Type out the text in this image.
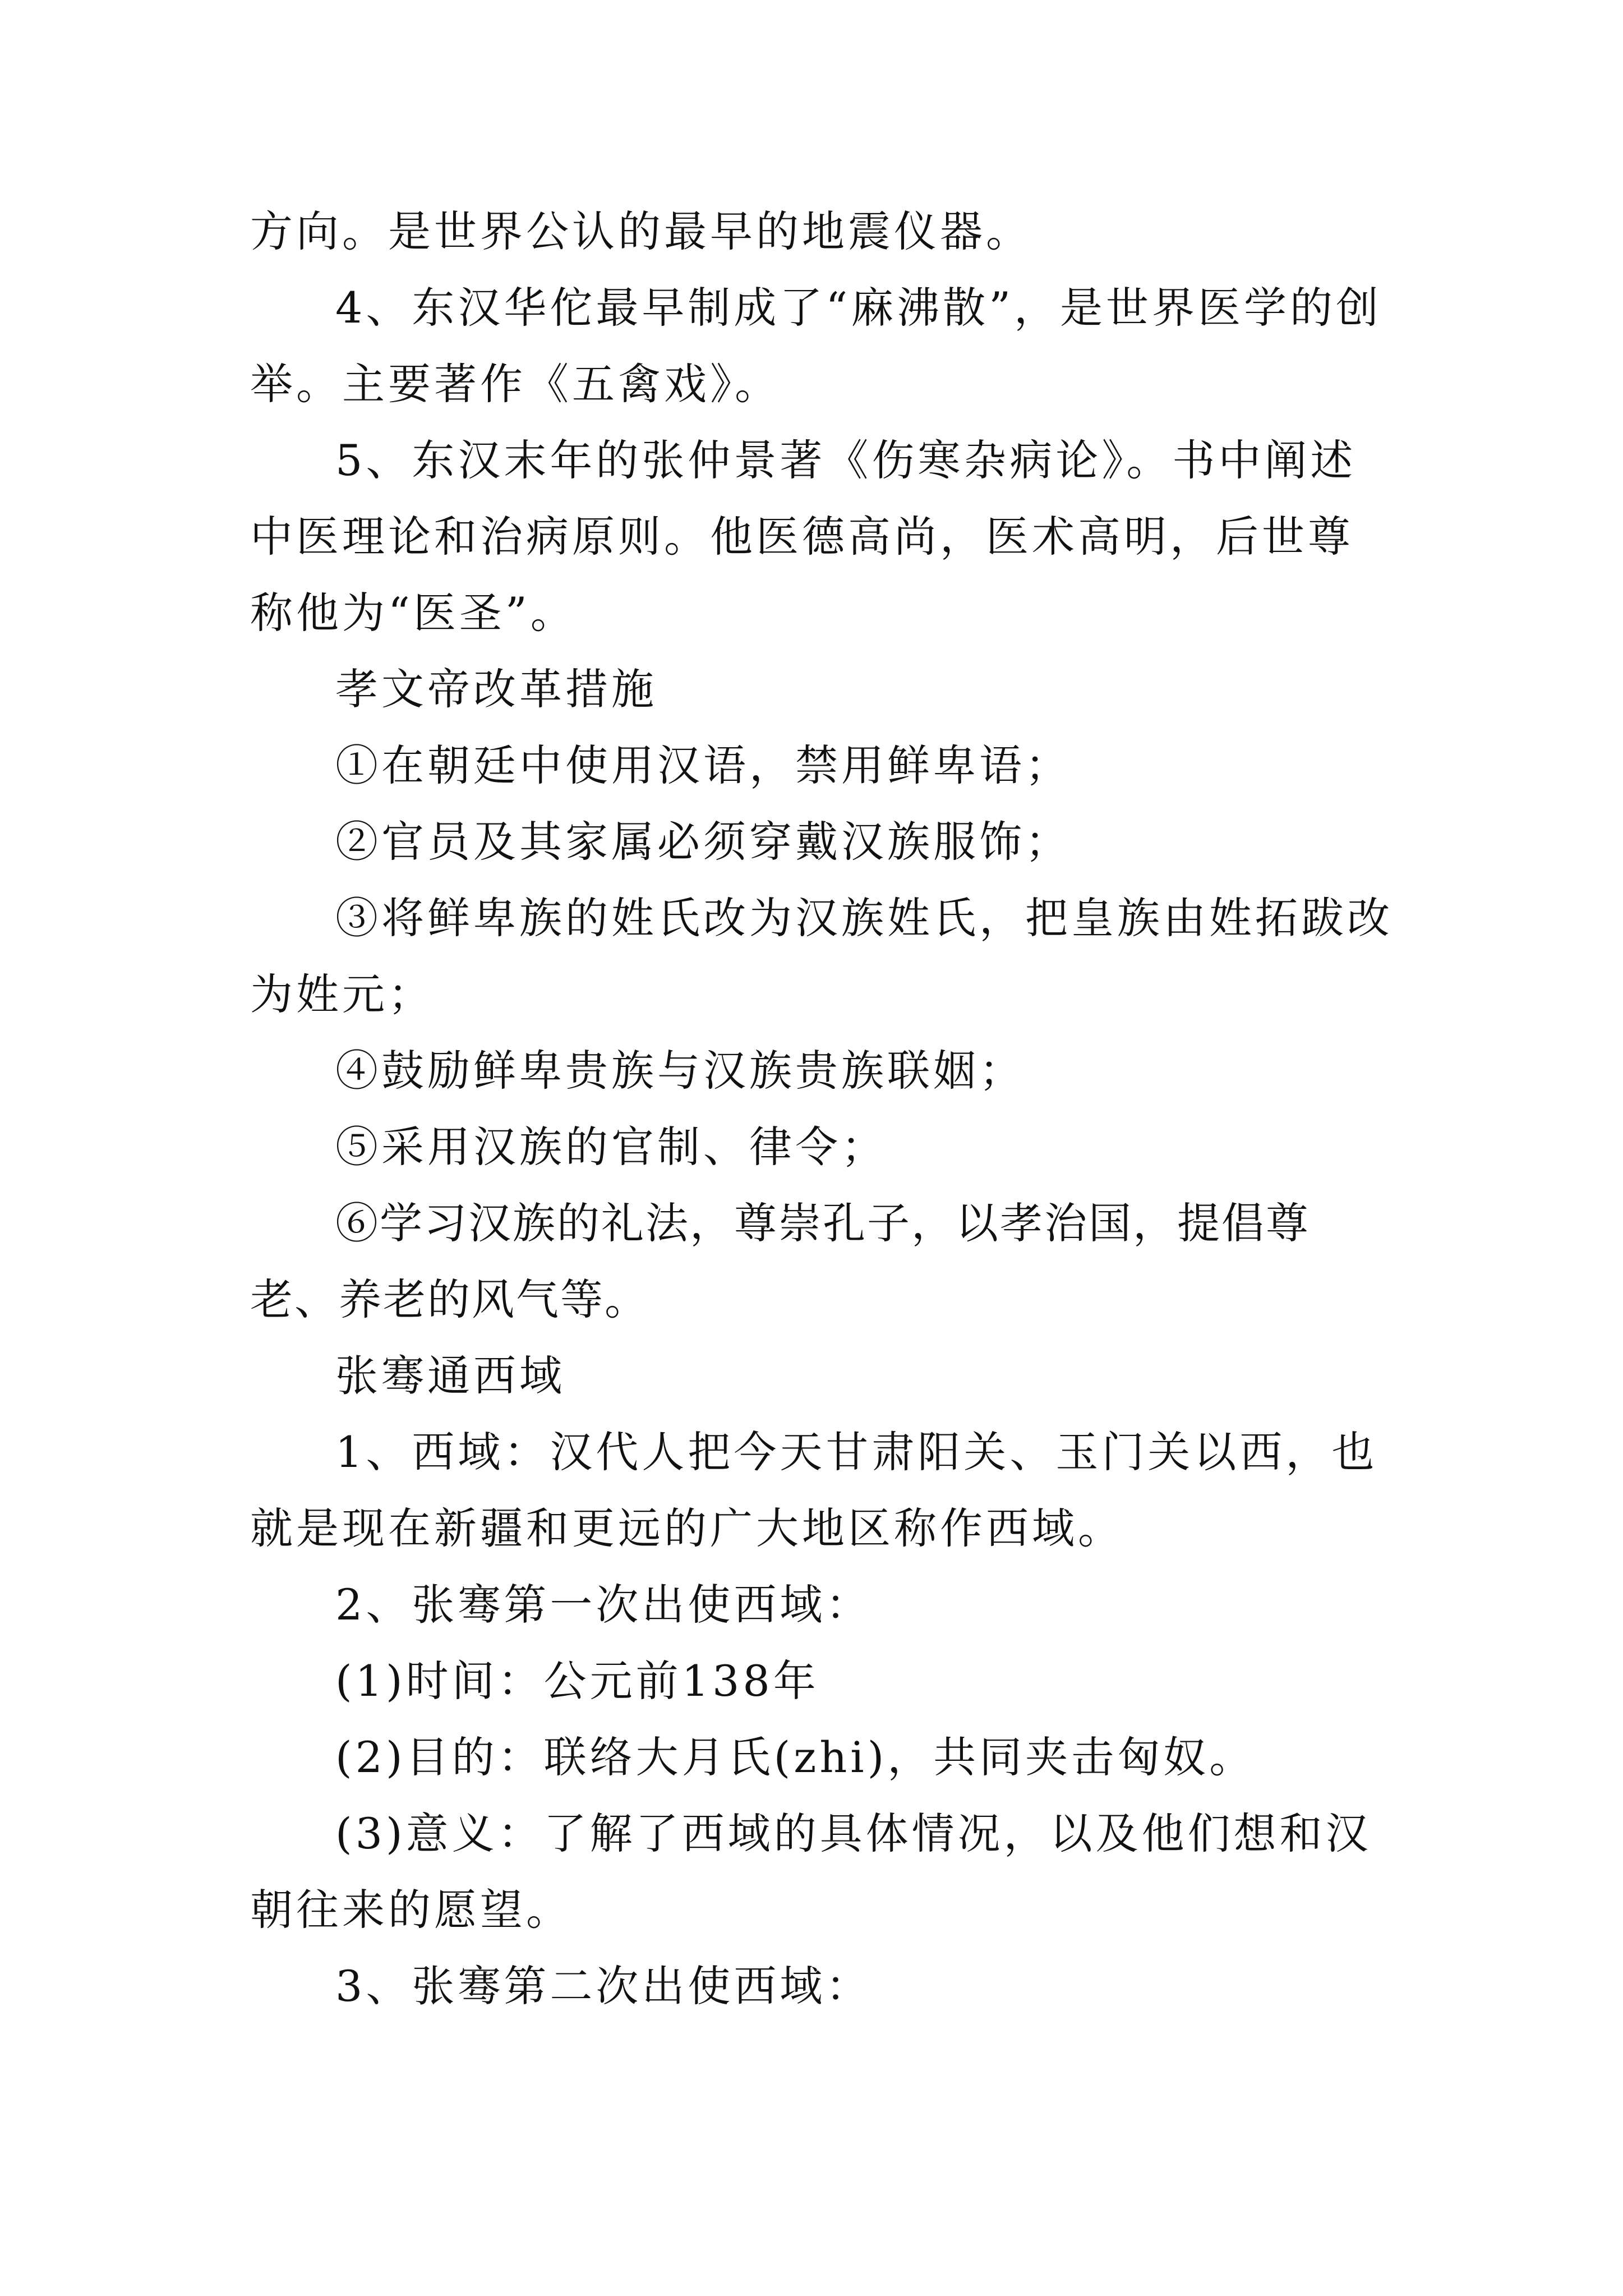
方向。是世界公认的最早的地震仪器。

4、东汉华佗最早制成了“麻沸散”，是世界医学的创举。主要著作《五禽戏》。

5、东汉末年的张仲景著《伤寒杂病论》。书中阐述中医理论和治病原则。他医德高尚，医术高明，后世尊称他为“医圣”。

孝文帝改革措施

①在朝廷中使用汉语，禁用鲜卑语；

②官员及其家属必须穿戴汉族服饰；

③将鲜卑族的姓氏改为汉族姓氏，把皇族由姓拓跋改为姓元；

④鼓励鲜卑贵族与汉族贵族联姻；

⑤采用汉族的官制、律令；

⑥学习汉族的礼法，尊崇孔子，以孝治国，提倡尊老、养老的风气等。

张骞通西域

1、西域：汉代人把今天甘肃阳关、玉门关以西，也就是现在新疆和更远的广大地区称作西域。

2、张骞第一次出使西域：

(1)时间：公元前138年

(2)目的：联络大月氏(zhi)，共同夹击匈奴。

(3)意义：了解了西域的具体情况，以及他们想和汉朝往来的愿望。

3、张骞第二次出使西域：
